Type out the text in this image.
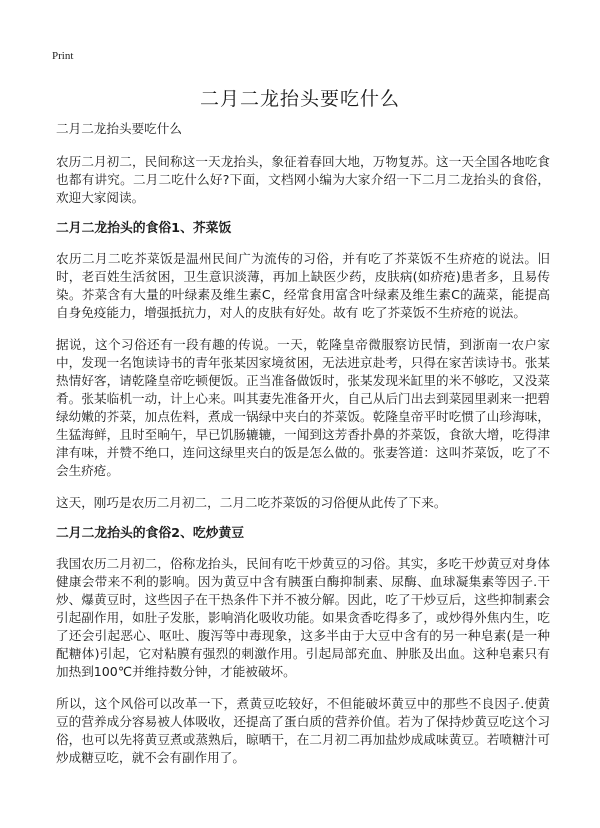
Print
二月二龙抬头要吃什么

二月二龙抬头要吃什么

农历二月初二，民间称这一天龙抬头，象征着春回大地，万物复苏。这一天全国各地吃食也都有讲究。二月二吃什么好?下面，文档网小编为大家介绍一下二月二龙抬头的食俗，欢迎大家阅读。

二月二龙抬头的食俗1、芥菜饭

农历二月二吃芥菜饭是温州民间广为流传的习俗，并有吃了芥菜饭不生疥疮的说法。旧时，老百姓生活贫困，卫生意识淡薄，再加上缺医少药，皮肤病(如疥疮)患者多，且易传染。芥菜含有大量的叶绿素及维生素C，经常食用富含叶绿素及维生素C的蔬菜，能提高自身免疫能力，增强抵抗力，对人的皮肤有好处。故有 吃了芥菜饭不生疥疮的说法。

据说，这个习俗还有一段有趣的传说。一天，乾隆皇帝微服察访民情，到浙南一农户家中，发现一名饱读诗书的青年张某因家境贫困，无法进京赴考，只得在家苦读诗书。张某热情好客，请乾隆皇帝吃顿便饭。正当准备做饭时，张某发现米缸里的米不够吃，又没菜肴。张某临机一动，计上心来。叫其妻先准备开火，自己从后门出去到菜园里剥来一把碧绿幼嫩的芥菜，加点佐料，煮成一锅绿中夹白的芥菜饭。乾隆皇帝平时吃惯了山珍海味，生猛海鲜，且时至晌午，早已饥肠辘辘，一闻到这芳香扑鼻的芥菜饭，食欲大增，吃得津津有味，并赞不绝口，连问这绿里夹白的饭是怎么做的。张妻答道：这叫芥菜饭，吃了不会生疥疮。

这天，刚巧是农历二月初二，二月二吃芥菜饭的习俗便从此传了下来。

二月二龙抬头的食俗2、吃炒黄豆

我国农历二月初二，俗称龙抬头，民间有吃干炒黄豆的习俗。其实，多吃干炒黄豆对身体健康会带来不利的影响。因为黄豆中含有胰蛋白酶抑制素、尿酶、血球凝集素等因子.干炒、爆黄豆时，这些因子在干热条件下并不被分解。因此，吃了干炒豆后，这些抑制素会引起副作用，如肚子发胀，影响消化吸收功能。如果贪香吃得多了，或炒得外焦内生，吃了还会引起恶心、呕吐、腹泻等中毒现象，这多半由于大豆中含有的另一种皂素(是一种配糖体)引起，它对粘膜有强烈的刺激作用。引起局部充血、肿胀及出血。这种皂素只有加热到100℃并维持数分钟，才能被破坏。

所以，这个风俗可以改革一下，煮黄豆吃较好，不但能破坏黄豆中的那些不良因子.使黄豆的营养成分容易被人体吸收，还提高了蛋白质的营养价值。若为了保持炒黄豆吃这个习俗，也可以先将黄豆煮或蒸熟后，晾晒干，在二月初二再加盐炒成咸味黄豆。若喷糖汁可炒成糖豆吃，就不会有副作用了。
